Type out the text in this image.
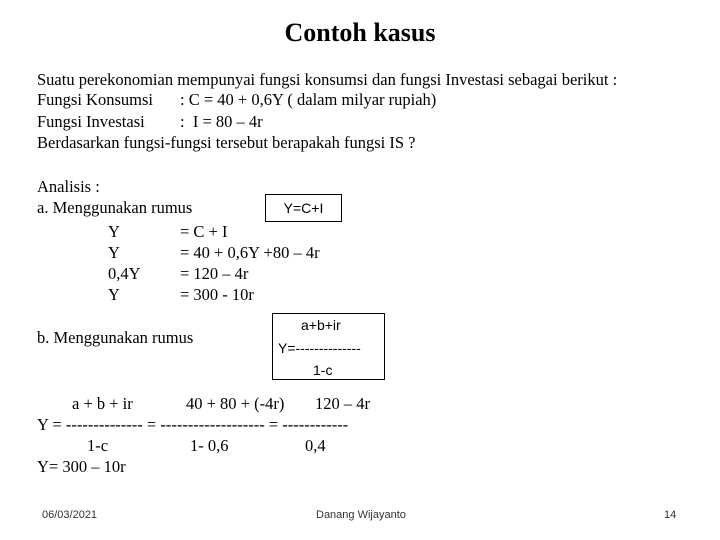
Contoh kasus
Suatu perekonomian mempunyai fungsi konsumsi dan fungsi Investasi sebagai berikut :
Fungsi Konsumsi : C = 40 + 0,6Y ( dalam milyar rupiah)
Fungsi Investasi :  I = 80 – 4r
Berdasarkan fungsi-fungsi tersebut berapakah fungsi IS ?
Analisis :
a. Menggunakan rumus	Y=C+I
Y	= C + I
Y	= 40 + 0,6Y +80 – 4r
0,4Y = 120 – 4r
Y	= 300 - 10r
b. Menggunakan rumus
a+b+ir
Y=--------------
1-c
a + b + ir	40 + 80 + (-4r) 120 – 4r
Y = -------------- = ------------------- = ------------
1-c	1- 0,6	0,4
Y= 300 – 10r
06/03/2021	Danang Wijayanto	14
